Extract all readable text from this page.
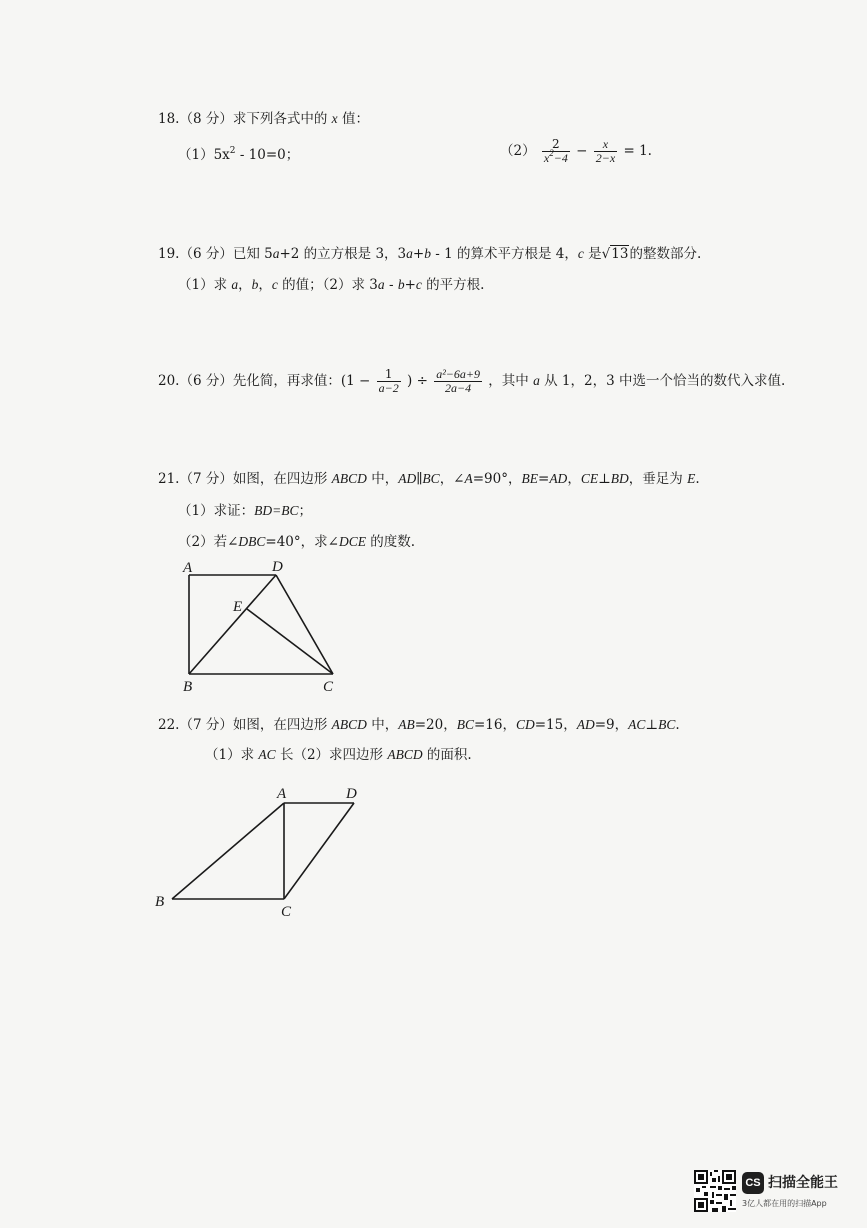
18.（8 分）求下列各式中的 x 值：
$(1)5x^2 - 10=0$；	$(2) \frac{2}{x^2-4} - \frac{x}{2-x} = 1$.
19.（6 分）已知 5a+2 的立方根是 3，3a+b - 1 的算术平方根是 4，c 是√13的整数部分.
（1）求 a，b，c 的值；（2）求 3a - b+c 的平方根.
20.（6 分）先化简，再求值：($1 - \frac{1}{a-2}$ ) ÷ $\frac{\text{a²−6a+9}}{2a-4}$ ，其中 a 从 1，2，3 中选一个恰当的数代入求值.
21.（7 分）如图，在四边形 ABCD 中，AD∥BC，∠A=90°，BE=AD，CE⊥BD，垂足为 E.
（1）求证：BD=BC；
（2）若∠DBC=40°，求∠DCE 的度数.
A	D
E
B	C
22.（7 分）如图，在四边形 ABCD 中，AB=20，BC=16，CD=15，AD=9，AC⊥BC.
（1）求 AC 长（2）求四边形 ABCD 的面积.
A	D
B
C
CS 扫描全能王
3亿人都在用的扫描App
